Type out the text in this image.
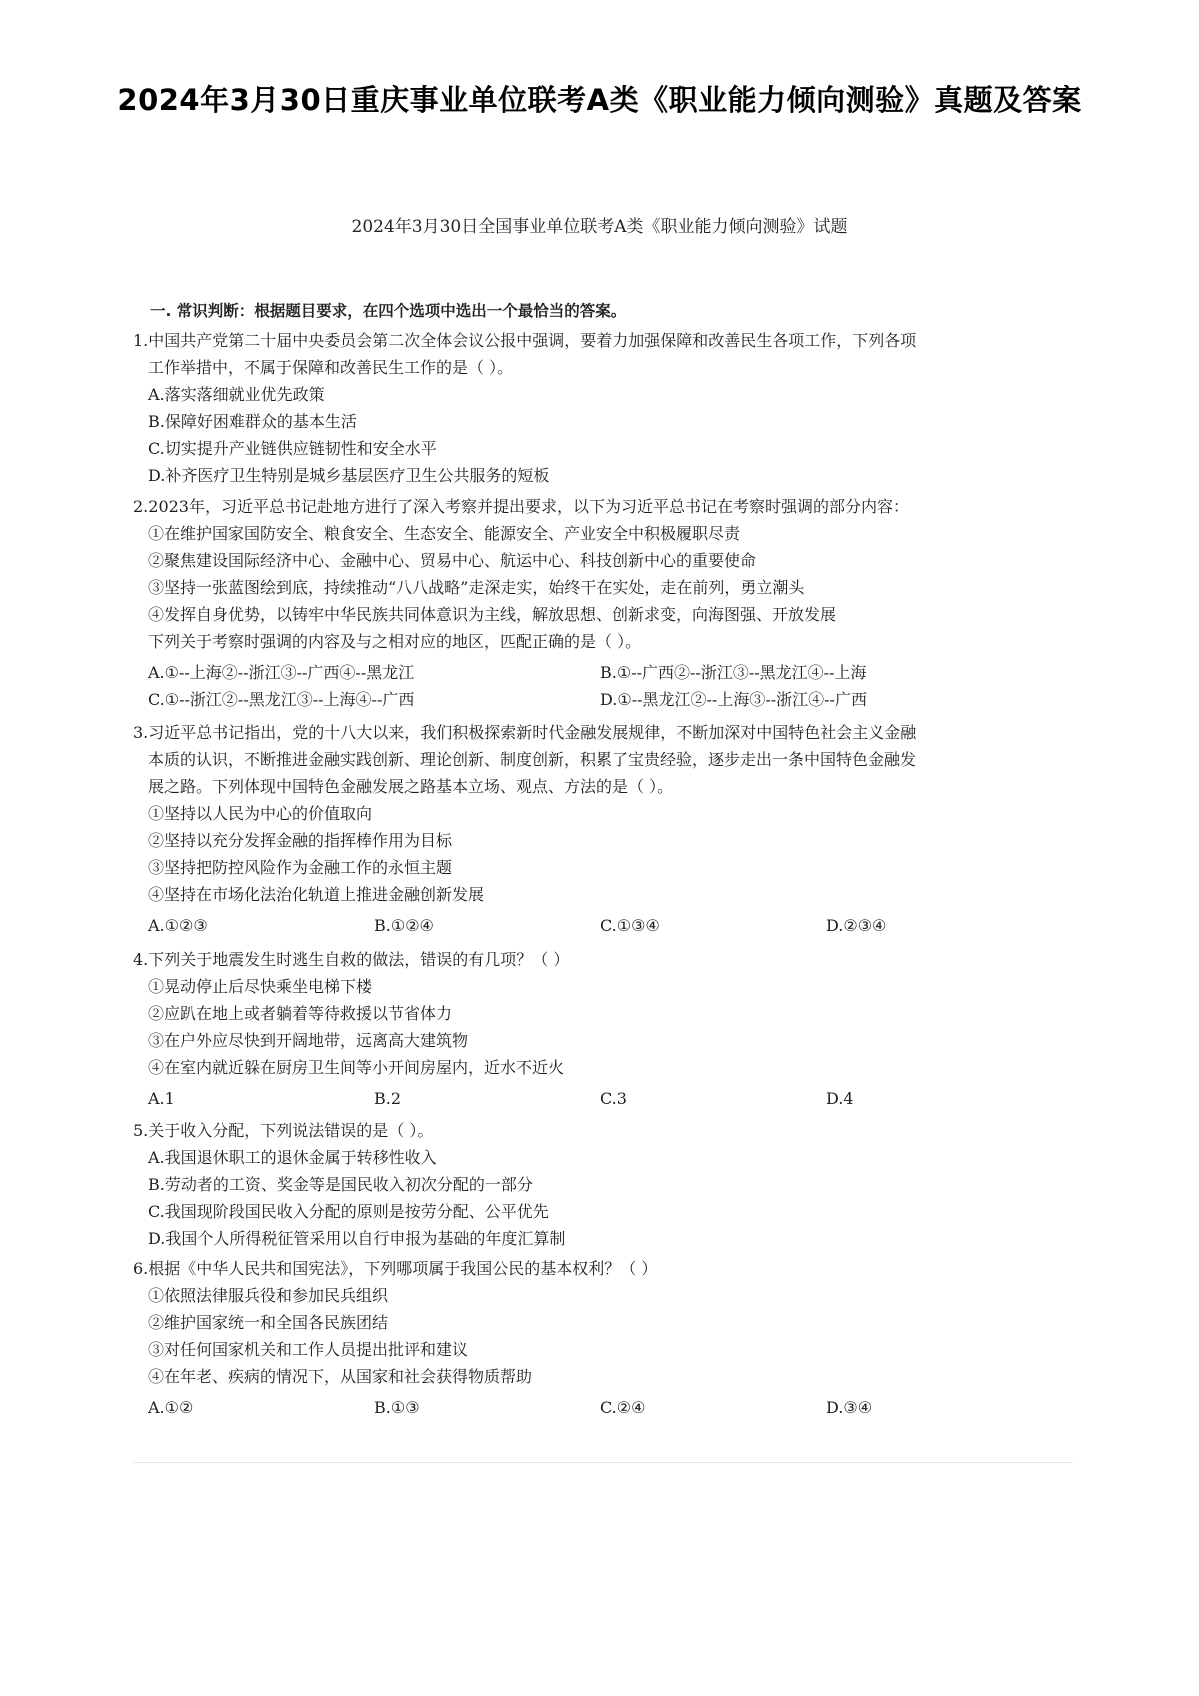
2024年3月30日重庆事业单位联考A类《职业能力倾向测验》真题及答案
2024年3月30日全国事业单位联考A类《职业能力倾向测验》试题
一. 常识判断：根据题目要求，在四个选项中选出一个最恰当的答案。
1.中国共产党第二十届中央委员会第二次全体会议公报中强调，要着力加强保障和改善民生各项工作，下列各项
工作举措中，不属于保障和改善民生工作的是（ ）。
A.落实落细就业优先政策
B.保障好困难群众的基本生活
C.切实提升产业链供应链韧性和安全水平
D.补齐医疗卫生特别是城乡基层医疗卫生公共服务的短板
2.2023年，习近平总书记赴地方进行了深入考察并提出要求，以下为习近平总书记在考察时强调的部分内容：
①在维护国家国防安全、粮食安全、生态安全、能源安全、产业安全中积极履职尽责
②聚焦建设国际经济中心、金融中心、贸易中心、航运中心、科技创新中心的重要使命
③坚持一张蓝图绘到底，持续推动“八八战略”走深走实，始终干在实处，走在前列，勇立潮头
④发挥自身优势，以铸牢中华民族共同体意识为主线，解放思想、创新求变，向海图强、开放发展
下列关于考察时强调的内容及与之相对应的地区，匹配正确的是（ ）。
A.①--上海②--浙江③--广西④--黑龙江	B.①--广西②--浙江③--黑龙江④--上海
C.①--浙江②--黑龙江③--上海④--广西	D.①--黑龙江②--上海③--浙江④--广西
3.习近平总书记指出，党的十八大以来，我们积极探索新时代金融发展规律，不断加深对中国特色社会主义金融
本质的认识，不断推进金融实践创新、理论创新、制度创新，积累了宝贵经验，逐步走出一条中国特色金融发
展之路。下列体现中国特色金融发展之路基本立场、观点、方法的是（ ）。
①坚持以人民为中心的价值取向
②坚持以充分发挥金融的指挥棒作用为目标
③坚持把防控风险作为金融工作的永恒主题
④坚持在市场化法治化轨道上推进金融创新发展
A.①②③	B.①②④	C.①③④	D.②③④
4.下列关于地震发生时逃生自救的做法，错误的有几项？（ ）
①晃动停止后尽快乘坐电梯下楼
②应趴在地上或者躺着等待救援以节省体力
③在户外应尽快到开阔地带，远离高大建筑物
④在室内就近躲在厨房卫生间等小开间房屋内，近水不近火
A.1	B.2	C.3	D.4
5.关于收入分配，下列说法错误的是（ ）。
A.我国退休职工的退休金属于转移性收入
B.劳动者的工资、奖金等是国民收入初次分配的一部分
C.我国现阶段国民收入分配的原则是按劳分配、公平优先
D.我国个人所得税征管采用以自行申报为基础的年度汇算制
6.根据《中华人民共和国宪法》，下列哪项属于我国公民的基本权利？（ ）
①依照法律服兵役和参加民兵组织
②维护国家统一和全国各民族团结
③对任何国家机关和工作人员提出批评和建议
④在年老、疾病的情况下，从国家和社会获得物质帮助
A.①②	B.①③	C.②④	D.③④
